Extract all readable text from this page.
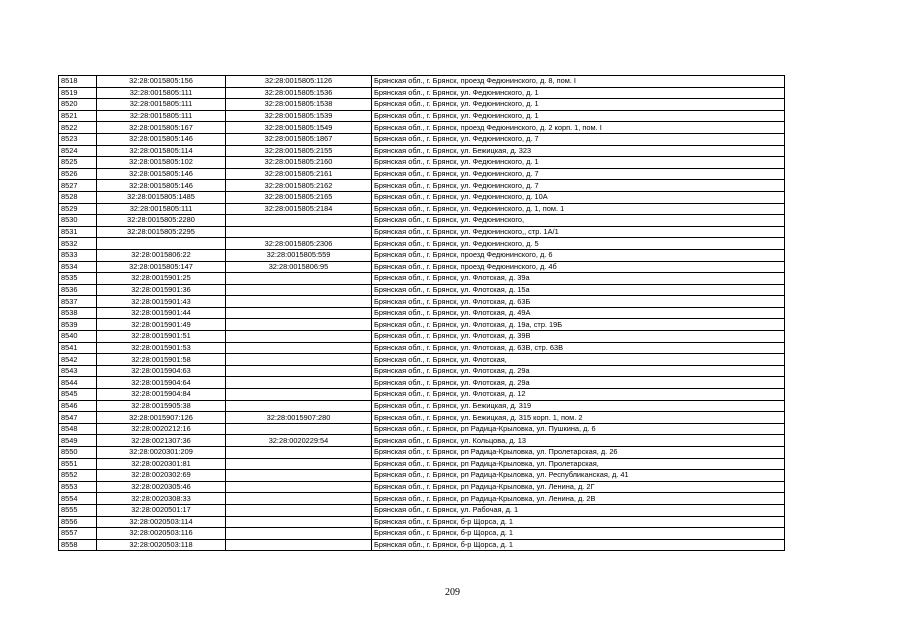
8518	32:28:0015805:156	32:28:0015805:1126	Брянская обл., г. Брянск, проезд Федюнинского, д. 8, пом. I
8519	32:28:0015805:111	32:28:0015805:1536	Брянская обл., г. Брянск, ул. Федюнинского, д. 1
8520	32:28:0015805:111	32:28:0015805:1538	Брянская обл., г. Брянск, ул. Федюнинского, д. 1
8521	32:28:0015805:111	32:28:0015805:1539	Брянская обл., г. Брянск, ул. Федюнинского, д. 1
8522	32:28:0015805:167	32:28:0015805:1549	Брянская обл., г. Брянск, проезд Федюнинского, д. 2 корп. 1, пом. I
8523	32:28:0015805:146	32:28:0015805:1867	Брянская обл., г. Брянск, ул. Федюнинского, д. 7
8524	32:28:0015805:114	32:28:0015805:2155	Брянская обл., г. Брянск, ул. Бежицкая, д. 323
8525	32:28:0015805:102	32:28:0015805:2160	Брянская обл., г. Брянск, ул. Федюнинского, д. 1
8526	32:28:0015805:146	32:28:0015805:2161	Брянская обл., г. Брянск, ул. Федюнинского, д. 7
8527	32:28:0015805:146	32:28:0015805:2162	Брянская обл., г. Брянск, ул. Федюнинского, д. 7
8528	32:28:0015805:1485	32:28:0015805:2165	Брянская обл., г. Брянск, ул. Федюнинского, д. 10А
8529	32:28:0015805:111	32:28:0015805:2184	Брянская обл., г. Брянск, ул. Федюнинского, д. 1, пом. 1
8530	32:28:0015805:2280		Брянская обл., г. Брянск, ул. Федюнинского,
8531	32:28:0015805:2295		Брянская обл., г. Брянск, ул. Федюнинского,, стр. 1А/1
8532		32:28:0015805:2306	Брянская обл., г. Брянск, ул. Федюнинского, д. 5
8533	32:28:0015806:22	32:28:0015805:559	Брянская обл., г. Брянск, проезд Федюнинского, д. 6
8534	32:28:0015805:147	32:28:0015806:95	Брянская обл., г. Брянск, проезд Федюнинского, д. 4б
8535	32:28:0015901:25		Брянская обл., г. Брянск, ул. Флотская, д. 39а
8536	32:28:0015901:36		Брянская обл., г. Брянск, ул. Флотская, д. 15а
8537	32:28:0015901:43		Брянская обл., г. Брянск, ул. Флотская, д. 63Б
8538	32:28:0015901:44		Брянская обл., г. Брянск, ул. Флотская, д. 49А
8539	32:28:0015901:49		Брянская обл., г. Брянск, ул. Флотская, д. 19а, стр. 19Б
8540	32:28:0015901:51		Брянская обл., г. Брянск, ул. Флотская, д. 39В
8541	32:28:0015901:53		Брянская обл., г. Брянск, ул. Флотская, д. 63В, стр. 63В
8542	32:28:0015901:58		Брянская обл., г. Брянск, ул. Флотская,
8543	32:28:0015904:63		Брянская обл., г. Брянск, ул. Флотская, д. 29а
8544	32:28:0015904:64		Брянская обл., г. Брянск, ул. Флотская, д. 29а
8545	32:28:0015904:84		Брянская обл., г. Брянск, ул. Флотская, д. 12
8546	32:28:0015905:38		Брянская обл., г. Брянск, ул. Бежицкая, д. 319
8547	32:28:0015907:126	32:28:0015907:280	Брянская обл., г. Брянск, ул. Бежицкая, д. 315 корп. 1, пом. 2
8548	32:28:0020212:16		Брянская обл., г. Брянск, рп Радица-Крыловка, ул. Пушкина, д. 6
8549	32:28:0021307:36	32:28:0020229:54	Брянская обл., г. Брянск, ул. Кольцова, д. 13
8550	32:28:0020301:209		Брянская обл., г. Брянск, рп Радица-Крыловка, ул. Пролетарская, д. 26
8551	32:28:0020301:81		Брянская обл., г. Брянск, рп Радица-Крыловка, ул. Пролетарская,
8552	32:28:0020302:69		Брянская обл., г. Брянск, рп Радица-Крыловка, ул. Республиканская, д. 41
8553	32:28:0020305:46		Брянская обл., г. Брянск, рп Радица-Крыловка, ул. Ленина, д. 2Г
8554	32:28:0020308:33		Брянская обл., г. Брянск, рп Радица-Крыловка, ул. Ленина, д. 2В
8555	32:28:0020501:17		Брянская обл., г. Брянск, ул. Рабочая, д. 1
8556	32:28:0020503:114		Брянская обл., г. Брянск, б-р Щорса, д. 1
8557	32:28:0020503:116		Брянская обл., г. Брянск, б-р Щорса, д. 1
8558	32:28:0020503:118		Брянская обл., г. Брянск, б-р Щорса, д. 1
209
